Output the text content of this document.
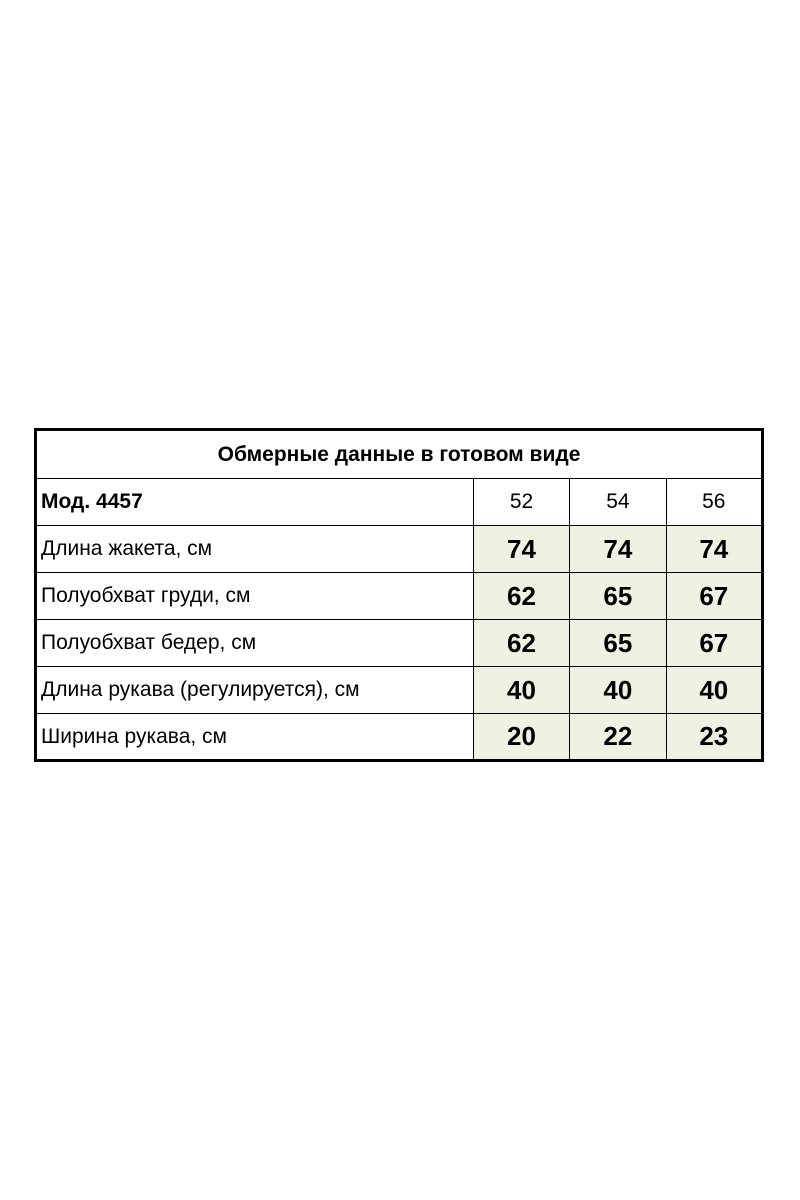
Обмерные данные в готовом виде			
Мод. 4457	52	54	56
Длина жакета, см	74	74	74
Полуобхват груди, см	62	65	67
Полуобхват бедер, см	62	65	67
Длина рукава (регулируется), см	40	40	40
Ширина рукава, см	20	22	23
